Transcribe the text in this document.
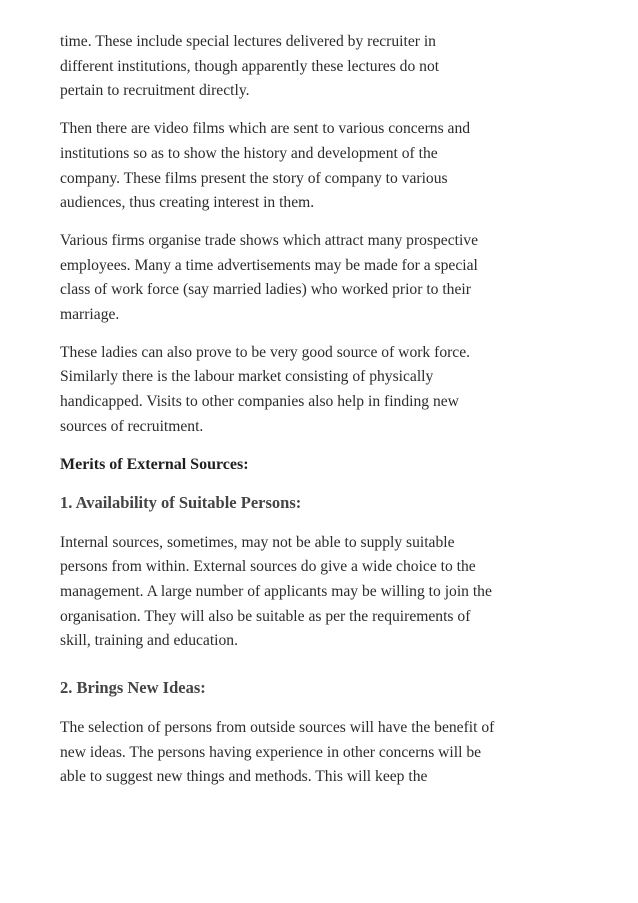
time. These include special lectures delivered by recruiter in
different institutions, though apparently these lectures do not
pertain to recruitment directly.

Then there are video films which are sent to various concerns and
institutions so as to show the history and development of the
company. These films present the story of company to various
audiences, thus creating interest in them.

Various firms organise trade shows which attract many prospective
employees. Many a time advertisements may be made for a special
class of work force (say married ladies) who worked prior to their
marriage.

These ladies can also prove to be very good source of work force.
Similarly there is the labour market consisting of physically
handicapped. Visits to other companies also help in finding new
sources of recruitment.

Merits of External Sources:
1. Availability of Suitable Persons:

Internal sources, sometimes, may not be able to supply suitable
persons from within. External sources do give a wide choice to the
management. A large number of applicants may be willing to join the
organisation. They will also be suitable as per the requirements of
skill, training and education.

2. Brings New Ideas:

The selection of persons from outside sources will have the benefit of
new ideas. The persons having experience in other concerns will be
able to suggest new things and methods. This will keep the
